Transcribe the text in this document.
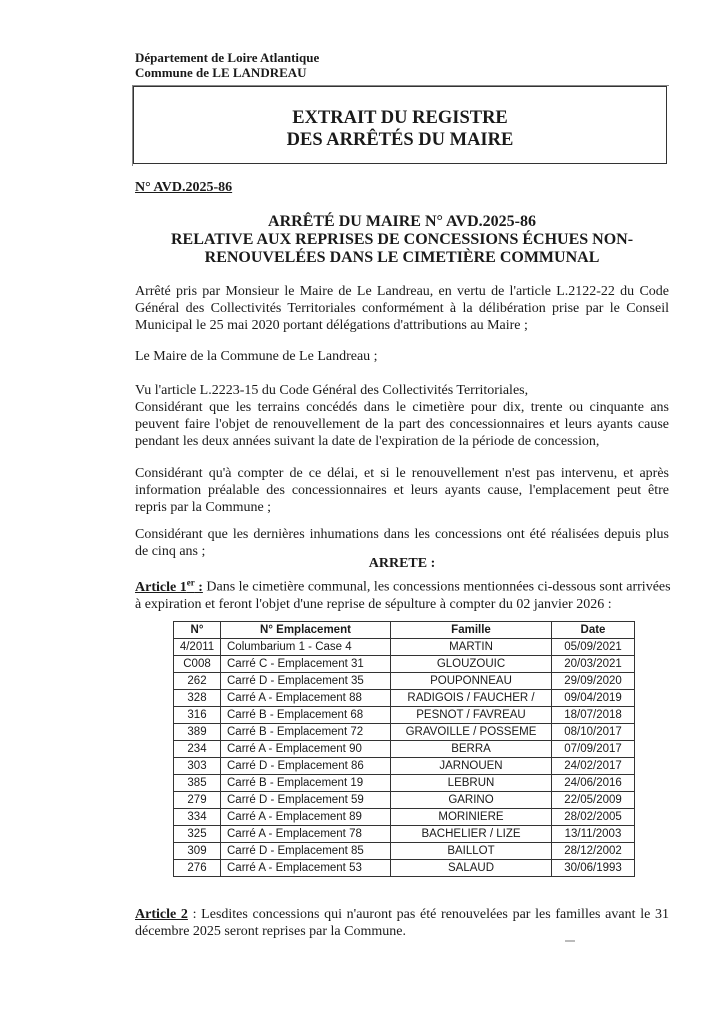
Département de Loire Atlantique
Commune de LE LANDREAU
EXTRAIT DU REGISTRE
DES ARRÊTÉS DU MAIRE
N° AVD.2025-86
ARRÊTÉ DU MAIRE N° AVD.2025-86
RELATIVE AUX REPRISES DE CONCESSIONS ÉCHUES NON-
RENOUVELÉES DANS LE CIMETIÈRE COMMUNAL
Arrêté pris par Monsieur le Maire de Le Landreau, en vertu de l'article L.2122-22 du Code
Général des Collectivités Territoriales conformément à la délibération prise par le Conseil
Municipal le 25 mai 2020 portant délégations d'attributions au Maire ;
Le Maire de la Commune de Le Landreau ;
Vu l'article L.2223-15 du Code Général des Collectivités Territoriales,
Considérant que les terrains concédés dans le cimetière pour dix, trente ou cinquante ans
peuvent faire l'objet de renouvellement de la part des concessionnaires et leurs ayants cause
pendant les deux années suivant la date de l'expiration de la période de concession,
Considérant qu'à compter de ce délai, et si le renouvellement n'est pas intervenu, et après
information préalable des concessionnaires et leurs ayants cause, l'emplacement peut être
repris par la Commune ;
Considérant que les dernières inhumations dans les concessions ont été réalisées depuis plus
de cinq ans ;
ARRETE :
Article 1er : Dans le cimetière communal, les concessions mentionnées ci-dessous sont arrivées
à expiration et feront l'objet d'une reprise de sépulture à compter du 02 janvier 2026 :
N°	N° Emplacement	Famille	Date
4/2011	Columbarium 1 - Case 4	MARTIN	05/09/2021
C008	Carré C - Emplacement 31	GLOUZOUIC	20/03/2021
262	Carré D - Emplacement 35	POUPONNEAU	29/09/2020
328	Carré A - Emplacement 88	RADIGOIS / FAUCHER /	09/04/2019
316	Carré B - Emplacement 68	PESNOT / FAVREAU	18/07/2018
389	Carré B - Emplacement 72	GRAVOILLE / POSSEME	08/10/2017
234	Carré A - Emplacement 90	BERRA	07/09/2017
303	Carré D - Emplacement 86	JARNOUEN	24/02/2017
385	Carré B - Emplacement 19	LEBRUN	24/06/2016
279	Carré D - Emplacement 59	GARINO	22/05/2009
334	Carré A - Emplacement 89	MORINIERE	28/02/2005
325	Carré A - Emplacement 78	BACHELIER / LIZE	13/11/2003
309	Carré D - Emplacement 85	BAILLOT	28/12/2002
276	Carré A - Emplacement 53	SALAUD	30/06/1993
Article 2 : Lesdites concessions qui n'auront pas été renouvelées par les familles avant le 31
décembre 2025 seront reprises par la Commune.
